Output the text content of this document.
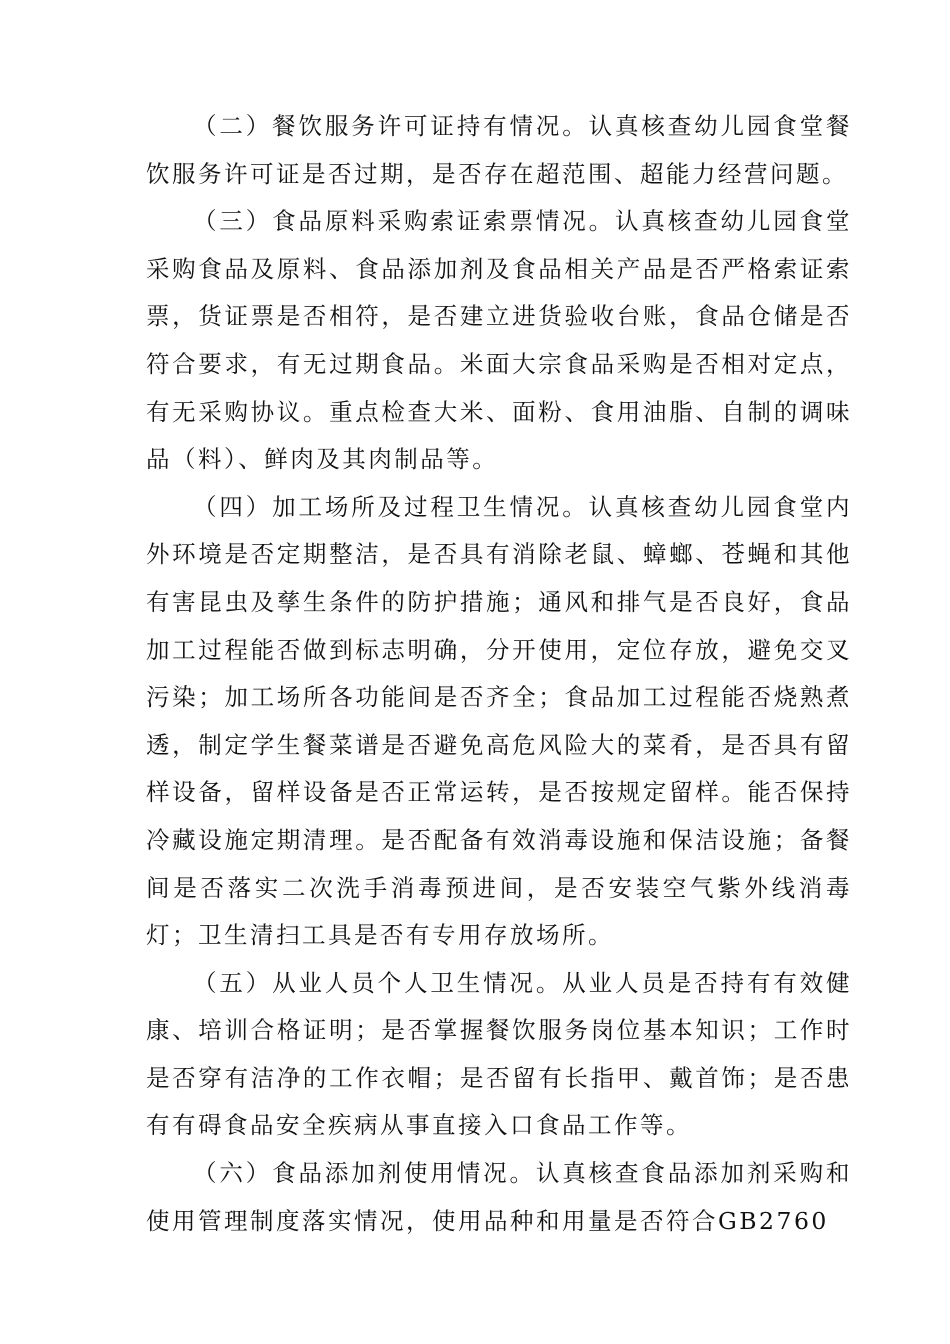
（二）餐饮服务许可证持有情况。认真核查幼儿园食堂餐饮服务许可证是否过期，是否存在超范围、超能力经营问题。

（三）食品原料采购索证索票情况。认真核查幼儿园食堂采购食品及原料、食品添加剂及食品相关产品是否严格索证索票，货证票是否相符，是否建立进货验收台账，食品仓储是否符合要求，有无过期食品。米面大宗食品采购是否相对定点，有无采购协议。重点检查大米、面粉、食用油脂、自制的调味品（料）、鲜肉及其肉制品等。

（四）加工场所及过程卫生情况。认真核查幼儿园食堂内外环境是否定期整洁，是否具有消除老鼠、蟑螂、苍蝇和其他有害昆虫及孳生条件的防护措施；通风和排气是否良好，食品加工过程能否做到标志明确，分开使用，定位存放，避免交叉污染；加工场所各功能间是否齐全；食品加工过程能否烧熟煮透，制定学生餐菜谱是否避免高危风险大的菜肴，是否具有留样设备，留样设备是否正常运转，是否按规定留样。能否保持冷藏设施定期清理。是否配备有效消毒设施和保洁设施；备餐间是否落实二次洗手消毒预进间，是否安装空气紫外线消毒灯；卫生清扫工具是否有专用存放场所。

（五）从业人员个人卫生情况。从业人员是否持有有效健康、培训合格证明；是否掌握餐饮服务岗位基本知识；工作时是否穿有洁净的工作衣帽；是否留有长指甲、戴首饰；是否患有有碍食品安全疾病从事直接入口食品工作等。

（六）食品添加剂使用情况。认真核查食品添加剂采购和使用管理制度落实情况，使用品种和用量是否符合GB2760
